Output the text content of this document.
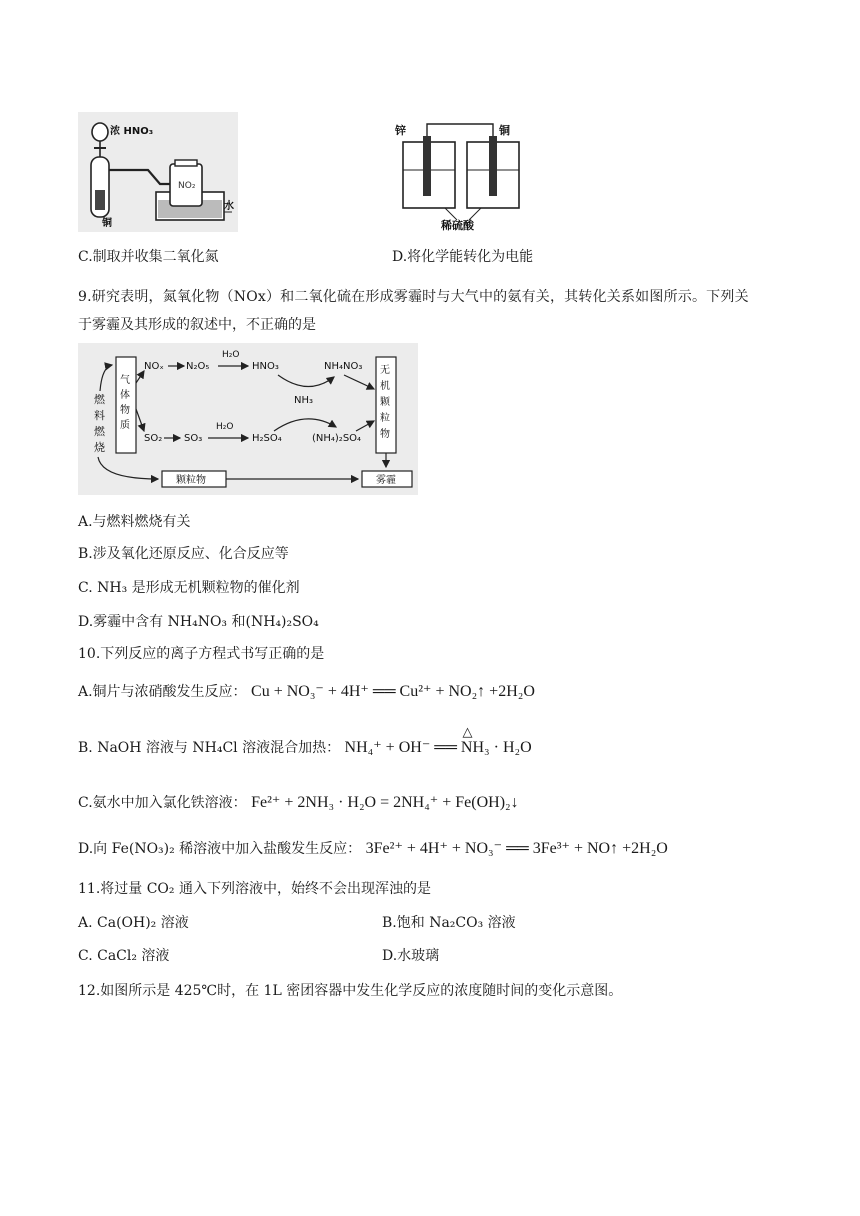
浓 HNO₃
铜
水
NO₂
锌	铜
稀硫酸
C.制取并收集二氧化氮	D.将化学能转化为电能
9.研究表明，氮氧化物（NOx）和二氧化硫在形成雾霾时与大气中的氨有关，其转化关系如图所示。下列关
于雾霾及其形成的叙述中，不正确的是
燃
料
燃
烧
气
体
物
质
NOₓ N₂O₅
H₂O
HNO₃	NH₄NO₃
NH₃
SO₂ SO₃
H₂O
H₂SO₄	(NH₄)₂SO₄
无
机
颗
粒
物
颗粒物	雾霾
A.与燃料燃烧有关
B.涉及氧化还原反应、化合反应等
C. NH₃ 是形成无机颗粒物的催化剂
D.雾霾中含有 NH₄NO₃ 和(NH₄)₂SO₄
10.下列反应的离子方程式书写正确的是
A.铜片与浓硝酸发生反应： Cu + NO₃⁻ + 4H⁺ ══ Cu²⁺ + NO₂↑ +2H₂O
B. NaOH 溶液与 NH₄Cl 溶液混合加热：
△
NH₄⁺ + OH⁻ ══ NH₃ · H₂O
C.氨水中加入氯化铁溶液： Fe²⁺ + 2NH₃ · H₂O = 2NH₄⁺ + Fe(OH)₂↓
D.向 Fe(NO₃)₂ 稀溶液中加入盐酸发生反应： 3Fe²⁺ + 4H⁺ + NO₃⁻ ══ 3Fe³⁺ + NO↑ +2H₂O
11.将过量 CO₂ 通入下列溶液中，始终不会出现浑浊的是
A. Ca(OH)₂ 溶液	B.饱和 Na₂CO₃ 溶液
C. CaCl₂ 溶液	D.水玻璃
12.如图所示是 425℃时，在 1L 密团容器中发生化学反应的浓度随时间的变化示意图。
